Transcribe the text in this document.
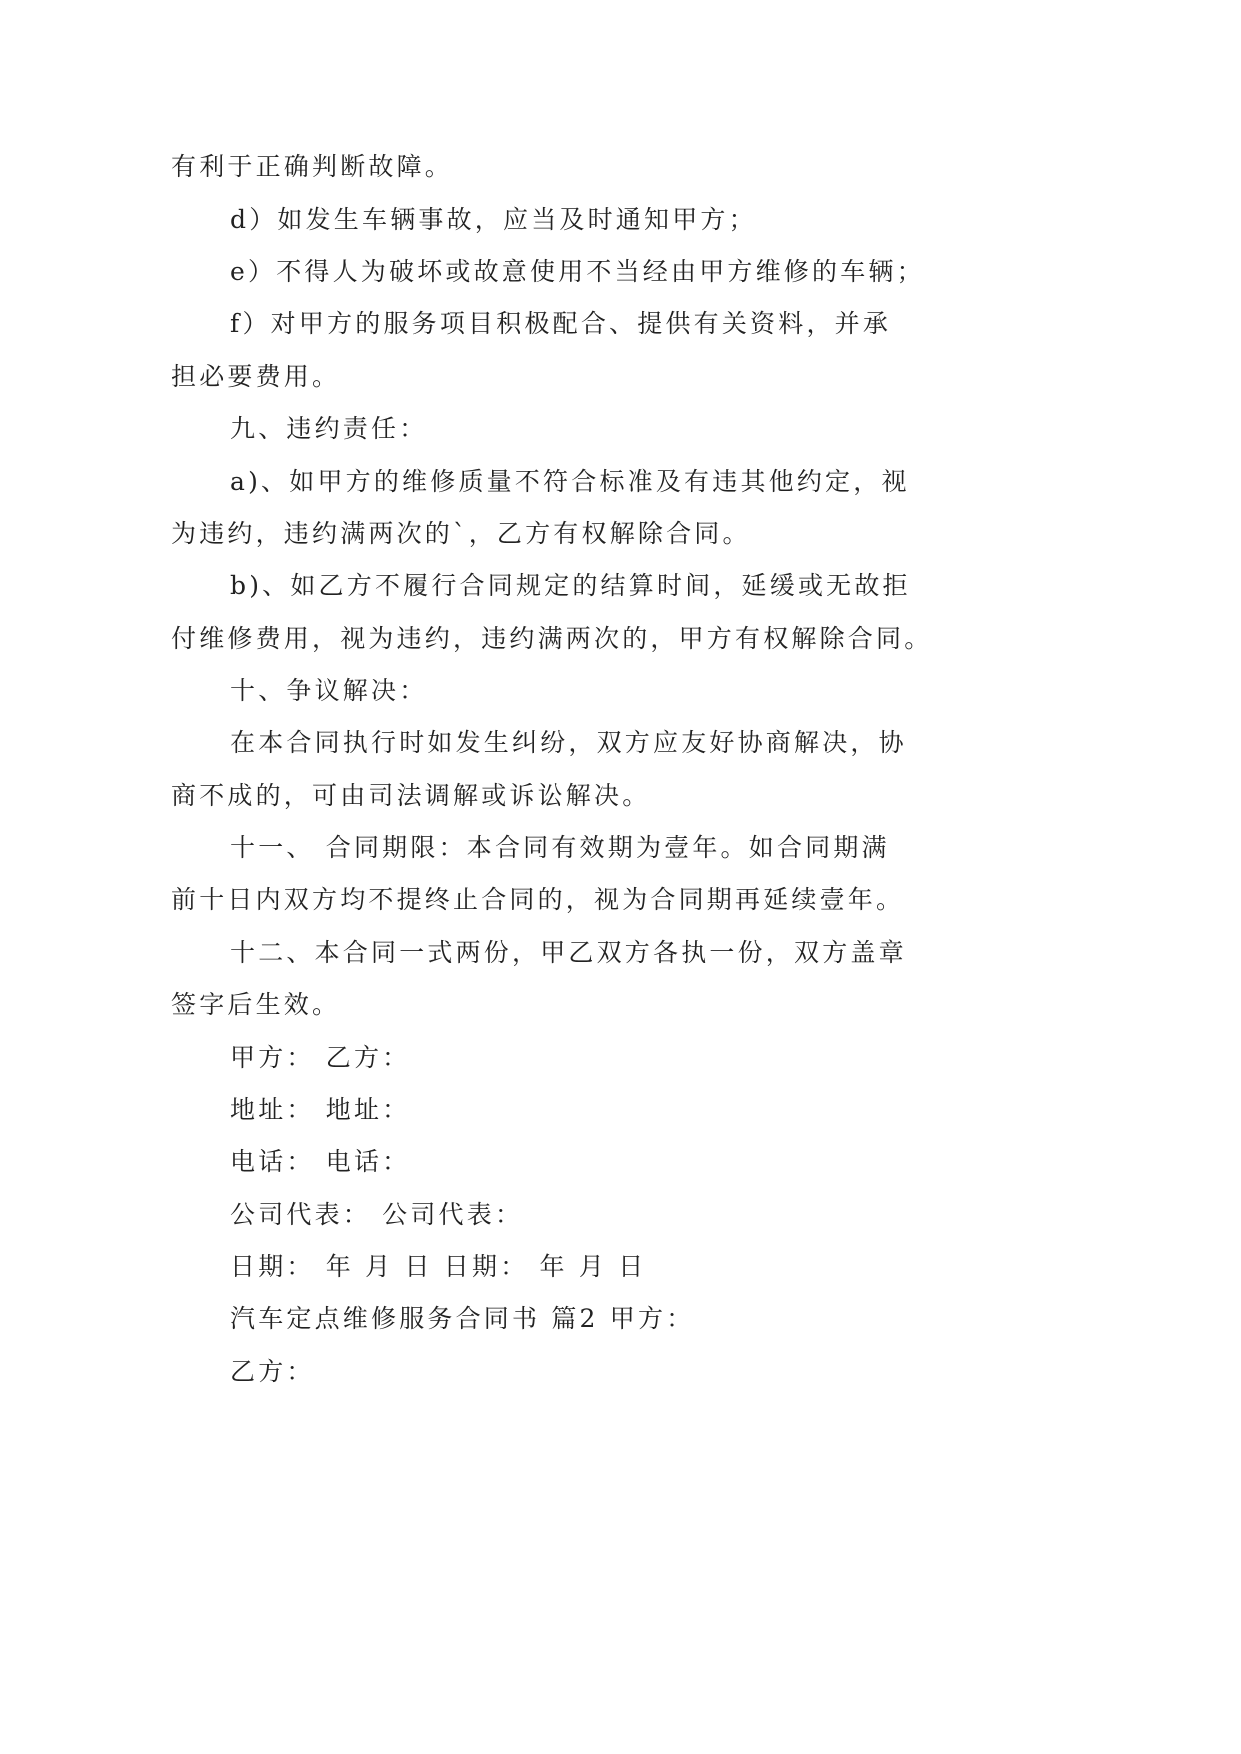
有利于正确判断故障。
d）如发生车辆事故，应当及时通知甲方；
e）不得人为破坏或故意使用不当经由甲方维修的车辆；
f）对甲方的服务项目积极配合、提供有关资料，并承
担必要费用。
九、违约责任：
a)、如甲方的维修质量不符合标准及有违其他约定，视
为违约，违约满两次的`，乙方有权解除合同。
b)、如乙方不履行合同规定的结算时间，延缓或无故拒
付维修费用，视为违约，违约满两次的，甲方有权解除合同。
十、争议解决：
在本合同执行时如发生纠纷，双方应友好协商解决，协
商不成的，可由司法调解或诉讼解决。
十一、 合同期限：本合同有效期为壹年。如合同期满
前十日内双方均不提终止合同的，视为合同期再延续壹年。
十二、本合同一式两份，甲乙双方各执一份，双方盖章
签字后生效。
甲方： 乙方：
地址： 地址：
电话： 电话：
公司代表： 公司代表：
日期： 年 月 日 日期： 年 月 日
汽车定点维修服务合同书 篇2 甲方：
乙方：
